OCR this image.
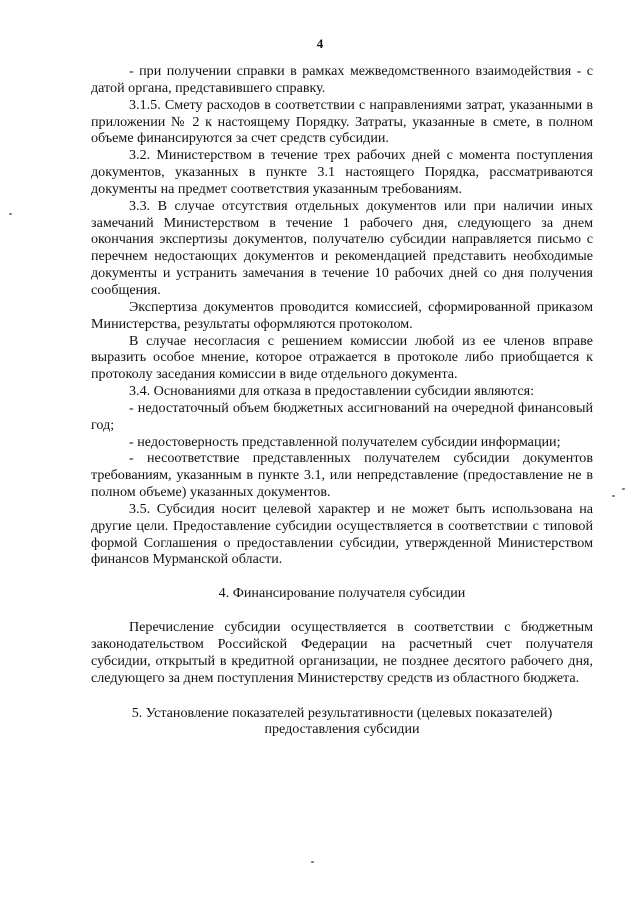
4

- при получении справки в рамках межведомственного взаимодействия - с датой органа, представившего справку.

3.1.5. Смету расходов в соответствии с направлениями затрат, указанными в приложении № 2 к настоящему Порядку. Затраты, указанные в смете, в полном объеме финансируются за счет средств субсидии.

3.2. Министерством в течение трех рабочих дней с момента поступления документов, указанных в пункте 3.1 настоящего Порядка, рассматриваются документы на предмет соответствия указанным требованиям.

3.3. В случае отсутствия отдельных документов или при наличии иных замечаний Министерством в течение 1 рабочего дня, следующего за днем окончания экспертизы документов, получателю субсидии направляется письмо с перечнем недостающих документов и рекомендацией представить необходимые документы и устранить замечания в течение 10 рабочих дней со дня получения сообщения.

Экспертиза документов проводится комиссией, сформированной приказом Министерства, результаты оформляются протоколом.

В случае несогласия с решением комиссии любой из ее членов вправе выразить особое мнение, которое отражается в протоколе либо приобщается к протоколу заседания комиссии в виде отдельного документа.

3.4. Основаниями для отказа в предоставлении субсидии являются:

- недостаточный объем бюджетных ассигнований на очередной финансовый год;

- недостоверность представленной получателем субсидии информации;

- несоответствие представленных получателем субсидии документов требованиям, указанным в пункте 3.1, или непредставление (предоставление не в полном объеме) указанных документов.

3.5. Субсидия носит целевой характер и не может быть использована на другие цели. Предоставление субсидии осуществляется в соответствии с типовой формой Соглашения о предоставлении субсидии, утвержденной Министерством финансов Мурманской области.

4. Финансирование получателя субсидии

Перечисление субсидии осуществляется в соответствии с бюджетным законодательством Российской Федерации на расчетный счет получателя субсидии, открытый в кредитной организации, не позднее десятого рабочего дня, следующего за днем поступления Министерству средств из областного бюджета.

5. Установление показателей результативности (целевых показателей)
предоставления субсидии
